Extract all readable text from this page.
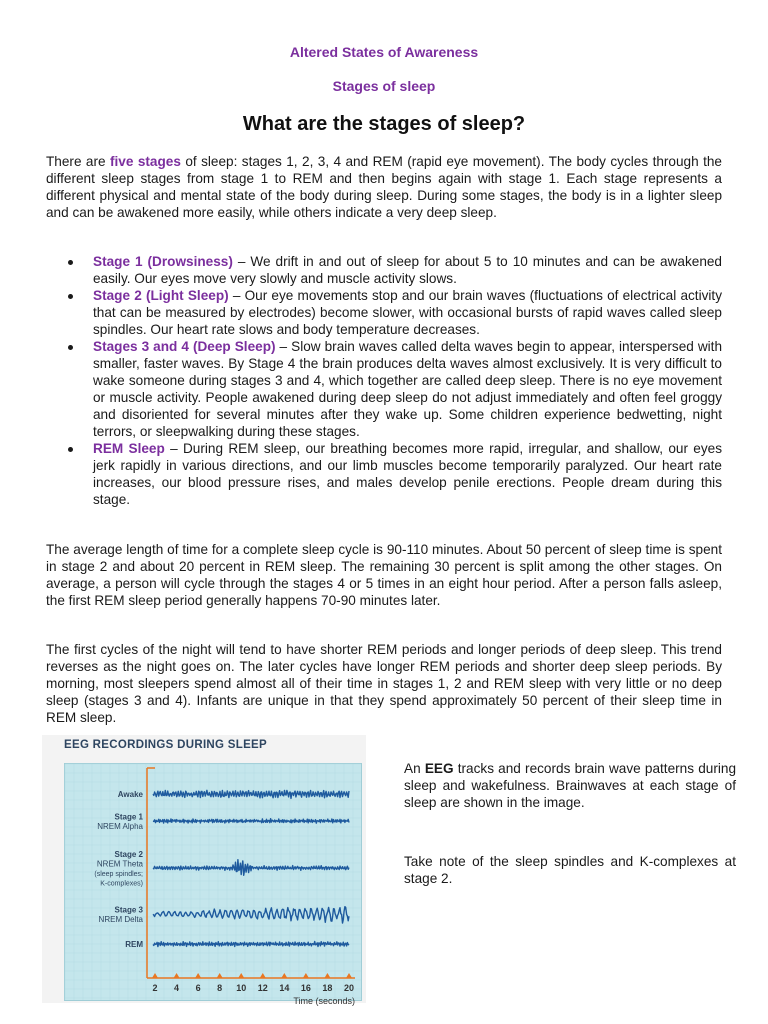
Altered States of Awareness
Stages of sleep
What are the stages of sleep?
There are five stages of sleep: stages 1, 2, 3, 4 and REM (rapid eye movement). The body cycles through the different sleep stages from stage 1 to REM and then begins again with stage 1. Each stage represents a different physical and mental state of the body during sleep. During some stages, the body is in a lighter sleep and can be awakened more easily, while others indicate a very deep sleep.
Stage 1 (Drowsiness) – We drift in and out of sleep for about 5 to 10 minutes and can be awakened easily. Our eyes move very slowly and muscle activity slows.
Stage 2 (Light Sleep) – Our eye movements stop and our brain waves (fluctuations of electrical activity that can be measured by electrodes) become slower, with occasional bursts of rapid waves called sleep spindles. Our heart rate slows and body temperature decreases.
Stages 3 and 4 (Deep Sleep) – Slow brain waves called delta waves begin to appear, interspersed with smaller, faster waves. By Stage 4 the brain produces delta waves almost exclusively. It is very difficult to wake someone during stages 3 and 4, which together are called deep sleep. There is no eye movement or muscle activity. People awakened during deep sleep do not adjust immediately and often feel groggy and disoriented for several minutes after they wake up. Some children experience bedwetting, night terrors, or sleepwalking during these stages.
REM Sleep – During REM sleep, our breathing becomes more rapid, irregular, and shallow, our eyes jerk rapidly in various directions, and our limb muscles become temporarily paralyzed. Our heart rate increases, our blood pressure rises, and males develop penile erections. People dream during this stage.
The average length of time for a complete sleep cycle is 90-110 minutes. About 50 percent of sleep time is spent in stage 2 and about 20 percent in REM sleep. The remaining 30 percent is split among the other stages. On average, a person will cycle through the stages 4 or 5 times in an eight hour period. After a person falls asleep, the first REM sleep period generally happens 70-90 minutes later.
The first cycles of the night will tend to have shorter REM periods and longer periods of deep sleep. This trend reverses as the night goes on. The later cycles have longer REM periods and shorter deep sleep periods. By morning, most sleepers spend almost all of their time in stages 1, 2 and REM sleep with very little or no deep sleep (stages 3 and 4). Infants are unique in that they spend approximately 50 percent of their sleep time in REM sleep.
EEG RECORDINGS DURING SLEEP
2 4 6 8 10 12 14 16 18 20
Time (seconds)
Awake
Stage 1
NREM Alpha
Stage 2
NREM Theta
(sleep spindles;
K-complexes)
Stage 3
NREM Delta
REM
An EEG tracks and records brain wave patterns during sleep and wakefulness. Brainwaves at each stage of sleep are shown in the image.
Take note of the sleep spindles and K-complexes at stage 2.
